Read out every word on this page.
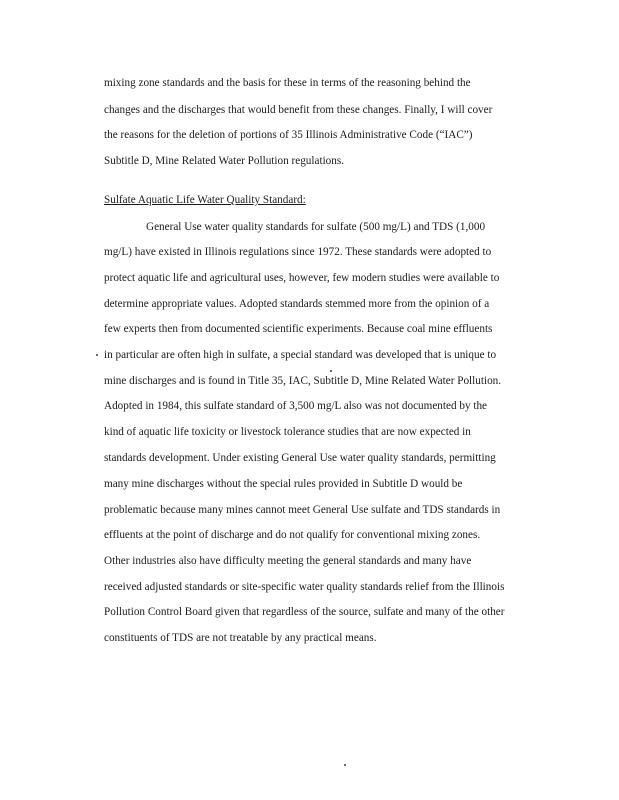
mixing zone standards and the basis for these in terms of the reasoning behind the
changes and the discharges that would benefit from these changes. Finally, I will cover
the reasons for the deletion of portions of 35 Illinois Administrative Code (“IAC”)
Subtitle D, Mine Related Water Pollution regulations.
Sulfate Aquatic Life Water Quality Standard:
General Use water quality standards for sulfate (500 mg/L) and TDS (1,000
mg/L) have existed in Illinois regulations since 1972. These standards were adopted to
protect aquatic life and agricultural uses, however, few modern studies were available to
determine appropriate values. Adopted standards stemmed more from the opinion of a
few experts then from documented scientific experiments. Because coal mine effluents
in particular are often high in sulfate, a special standard was developed that is unique to
mine discharges and is found in Title 35, IAC, Subtitle D, Mine Related Water Pollution.
Adopted in 1984, this sulfate standard of 3,500 mg/L also was not documented by the
kind of aquatic life toxicity or livestock tolerance studies that are now expected in
standards development. Under existing General Use water quality standards, permitting
many mine discharges without the special rules provided in Subtitle D would be
problematic because many mines cannot meet General Use sulfate and TDS standards in
effluents at the point of discharge and do not qualify for conventional mixing zones.
Other industries also have difficulty meeting the general standards and many have
received adjusted standards or site-specific water quality standards relief from the Illinois
Pollution Control Board given that regardless of the source, sulfate and many of the other
constituents of TDS are not treatable by any practical means.
